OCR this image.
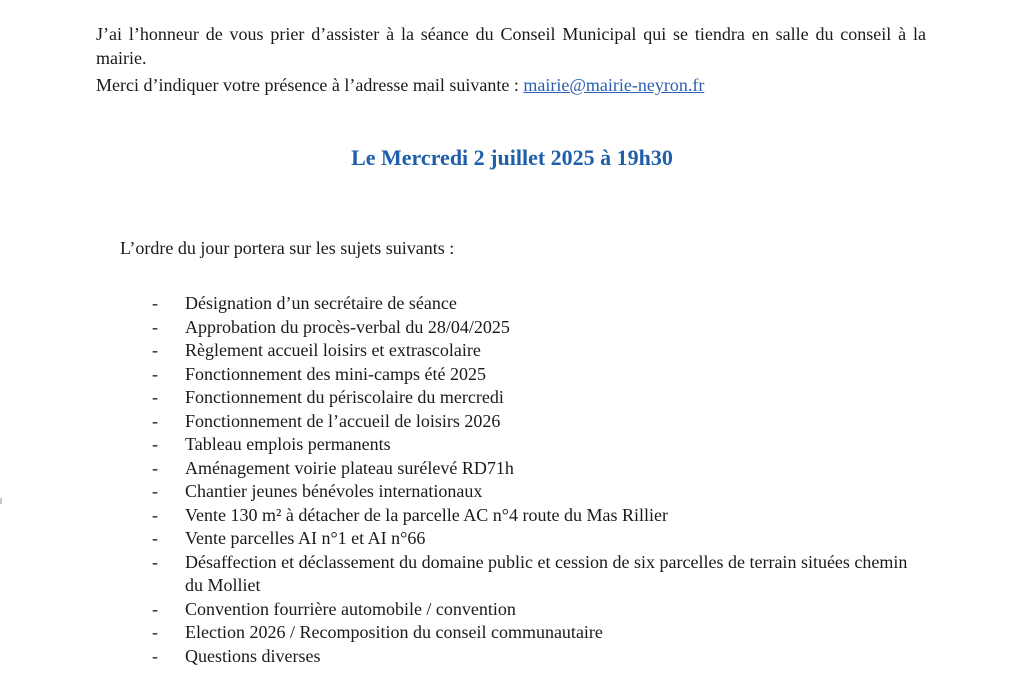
J’ai l’honneur de vous prier d’assister à la séance du Conseil Municipal qui se tiendra en salle du conseil à la mairie.

Merci d’indiquer votre présence à l’adresse mail suivante : mairie@mairie-neyron.fr
Le Mercredi 2 juillet 2025 à 19h30
L’ordre du jour portera sur les sujets suivants :
- Désignation d’un secrétaire de séance
- Approbation du procès-verbal du 28/04/2025
- Règlement accueil loisirs et extrascolaire
- Fonctionnement des mini-camps été 2025
- Fonctionnement du périscolaire du mercredi
- Fonctionnement de l’accueil de loisirs 2026
- Tableau emplois permanents
- Aménagement voirie plateau surélevé RD71h
- Chantier jeunes bénévoles internationaux
- Vente 130 m² à détacher de la parcelle AC n°4 route du Mas Rillier
- Vente parcelles AI n°1 et AI n°66
- Désaffection et déclassement du domaine public et cession de six parcelles de terrain situées chemin du Molliet
- Convention fourrière automobile / convention
- Election 2026 / Recomposition du conseil communautaire
- Questions diverses
